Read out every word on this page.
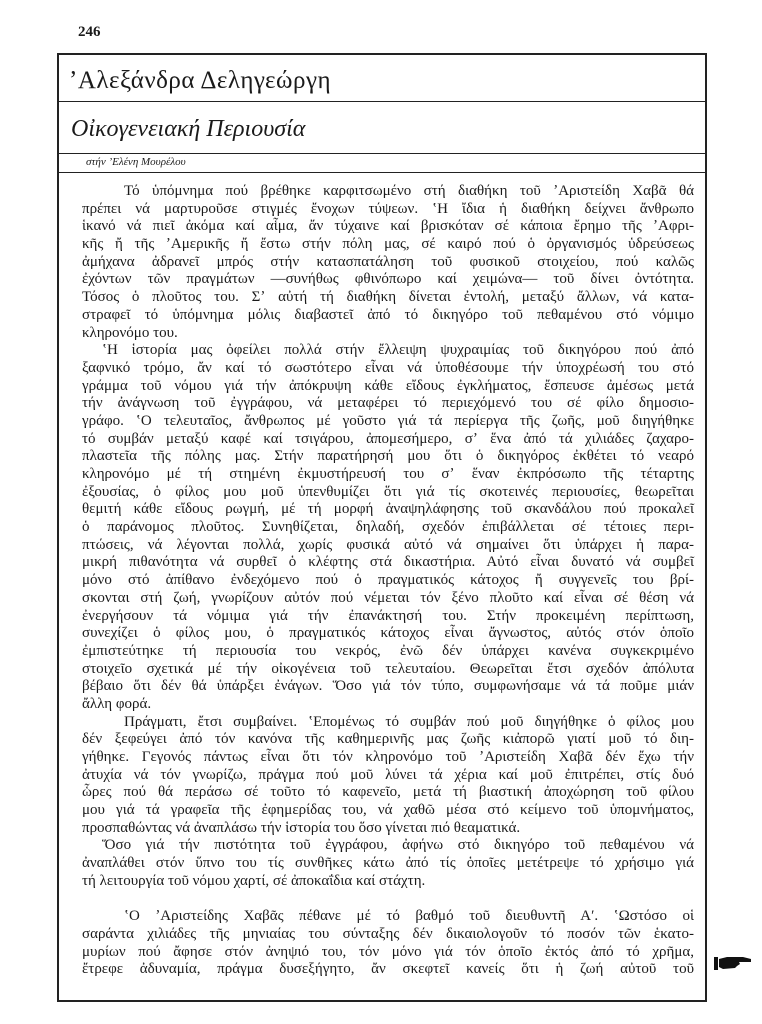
246
ʼΑλεξάνδρα Δεληγεώργη
Οἰκογενειακή Περιουσία
στήν ʼΕλένη Μουρέλου
Τό ὑπόμνημα πού βρέθηκε καρφιτσωμένο στή διαθήκη τοῦ ʼΑριστείδη Χαβᾶ θά
πρέπει νά μαρτυροῦσε στιγμές ἔνοχων τύψεων. ʽΗ ἴδια ἡ διαθήκη δείχνει ἄνθρωπο
ἱκανό νά πιεῖ ἀκόμα καί αἷμα, ἄν τύχαινε καί βρισκόταν σέ κάποια ἔρημο τῆς ʼΑφρι-
κῆς ἤ τῆς ʼΑμερικῆς ἤ ἔστω στήν πόλη μας, σέ καιρό πού ὁ ὀργανισμός ὑδρεύσεως
ἀμήχανα ἀδρανεῖ μπρός στήν κατασπατάληση τοῦ φυσικοῦ στοιχείου, πού καλῶς
ἐχόντων τῶν πραγμάτων —συνήθως φθινόπωρο καί χειμώνα— τοῦ δίνει ὀντότητα.
Τόσος ὁ πλοῦτος του. Σʼ αὐτή τή διαθήκη δίνεται ἐντολή, μεταξύ ἄλλων, νά κατα-
στραφεῖ τό ὑπόμνημα μόλις διαβαστεῖ ἀπό τό δικηγόρο τοῦ πεθαμένου στό νόμιμο
κληρονόμο του.
ʽΗ ἱστορία μας ὀφείλει πολλά στήν ἔλλειψη ψυχραιμίας τοῦ δικηγόρου πού ἀπό
ξαφνικό τρόμο, ἄν καί τό σωστότερο εἶναι νά ὑποθέσουμε τήν ὑποχρέωσή του στό
γράμμα τοῦ νόμου γιά τήν ἀπόκρυψη κάθε εἴδους ἐγκλήματος, ἔσπευσε ἀμέσως μετά
τήν ἀνάγνωση τοῦ ἐγγράφου, νά μεταφέρει τό περιεχόμενό του σέ φίλο δημοσιο-
γράφο. ʽΟ τελευταῖος, ἄνθρωπος μέ γοῦστο γιά τά περίεργα τῆς ζωῆς, μοῦ διηγήθηκε
τό συμβάν μεταξύ καφέ καί τσιγάρου, ἀπομεσήμερο, σʼ ἕνα ἀπό τά χιλιάδες ζαχαρο-
πλαστεῖα τῆς πόλης μας. Στήν παρατήρησή μου ὅτι ὁ δικηγόρος ἐκθέτει τό νεαρό
κληρονόμο μέ τή στημένη ἐκμυστήρευσή του σʼ ἕναν ἐκπρόσωπο τῆς τέταρτης
ἐξουσίας, ὁ φίλος μου μοῦ ὑπενθυμίζει ὅτι γιά τίς σκοτεινές περιουσίες, θεωρεῖται
θεμιτή κάθε εἴδους ρωγμή, μέ τή μορφή ἀναψηλάφησης τοῦ σκανδάλου πού προκαλεῖ
ὁ παράνομος πλοῦτος. Συνηθίζεται, δηλαδή, σχεδόν ἐπιβάλλεται σέ τέτοιες περι-
πτώσεις, νά λέγονται πολλά, χωρίς φυσικά αὐτό νά σημαίνει ὅτι ὑπάρχει ἡ παρα-
μικρή πιθανότητα νά συρθεῖ ὁ κλέφτης στά δικαστήρια. Αὐτό εἶναι δυνατό νά συμβεῖ
μόνο στό ἀπίθανο ἐνδεχόμενο πού ὁ πραγματικός κάτοχος ἤ συγγενεῖς του βρί-
σκονται στή ζωή, γνωρίζουν αὐτόν πού νέμεται τόν ξένο πλοῦτο καί εἶναι σέ θέση νά
ἐνεργήσουν τά νόμιμα γιά τήν ἐπανάκτησή του. Στήν προκειμένη περίπτωση,
συνεχίζει ὁ φίλος μου, ὁ πραγματικός κάτοχος εἶναι ἄγνωστος, αὐτός στόν ὁποῖο
ἐμπιστεύτηκε τή περιουσία του νεκρός, ἐνῶ δέν ὑπάρχει κανένα συγκεκριμένο
στοιχεῖο σχετικά μέ τήν οἰκογένεια τοῦ τελευταίου. Θεωρεῖται ἔτσι σχεδόν ἀπόλυτα
βέβαιο ὅτι δέν θά ὑπάρξει ἐνάγων. Ὅσο γιά τόν τύπο, συμφωνήσαμε νά τά ποῦμε μιάν
ἄλλη φορά.
Πράγματι, ἔτσι συμβαίνει. ʽΕπομένως τό συμβάν πού μοῦ διηγήθηκε ὁ φίλος μου
δέν ξεφεύγει ἀπό τόν κανόνα τῆς καθημερινῆς μας ζωῆς κιἀπορῶ γιατί μοῦ τό διη-
γήθηκε. Γεγονός πάντως εἶναι ὅτι τόν κληρονόμο τοῦ ʼΑριστείδη Χαβᾶ δέν ἔχω τήν
ἀτυχία νά τόν γνωρίζω, πράγμα πού μοῦ λύνει τά χέρια καί μοῦ ἐπιτρέπει, στίς δυό
ὧρες πού θά περάσω σέ τοῦτο τό καφενεῖο, μετά τή βιαστική ἀποχώρηση τοῦ φίλου
μου γιά τά γραφεῖα τῆς ἐφημερίδας του, νά χαθῶ μέσα στό κείμενο τοῦ ὑπομνήματος,
προσπαθώντας νά ἀναπλάσω τήν ἱστορία του ὅσο γίνεται πιό θεαματικά.
Ὅσο γιά τήν πιστότητα τοῦ ἐγγράφου, ἀφήνω στό δικηγόρο τοῦ πεθαμένου νά
ἀναπλάθει στόν ὕπνο του τίς συνθῆκες κάτω ἀπό τίς ὁποῖες μετέτρεψε τό χρήσιμο γιά
τή λειτουργία τοῦ νόμου χαρτί, σέ ἀποκαΐδια καί στάχτη.
ʽΟ ʼΑριστείδης Χαβᾶς πέθανε μέ τό βαθμό τοῦ διευθυντῆ Αʹ. ʽΩστόσο οἱ
σαράντα χιλιάδες τῆς μηνιαίας του σύνταξης δέν δικαιολογοῦν τό ποσόν τῶν ἑκατο-
μυρίων πού ἄφησε στόν ἀνηψιό του, τόν μόνο γιά τόν ὁποῖο ἐκτός ἀπό τό χρῆμα,
ἔτρεφε ἀδυναμία, πράγμα δυσεξήγητο, ἄν σκεφτεῖ κανείς ὅτι ἡ ζωή αὐτοῦ τοῦ
